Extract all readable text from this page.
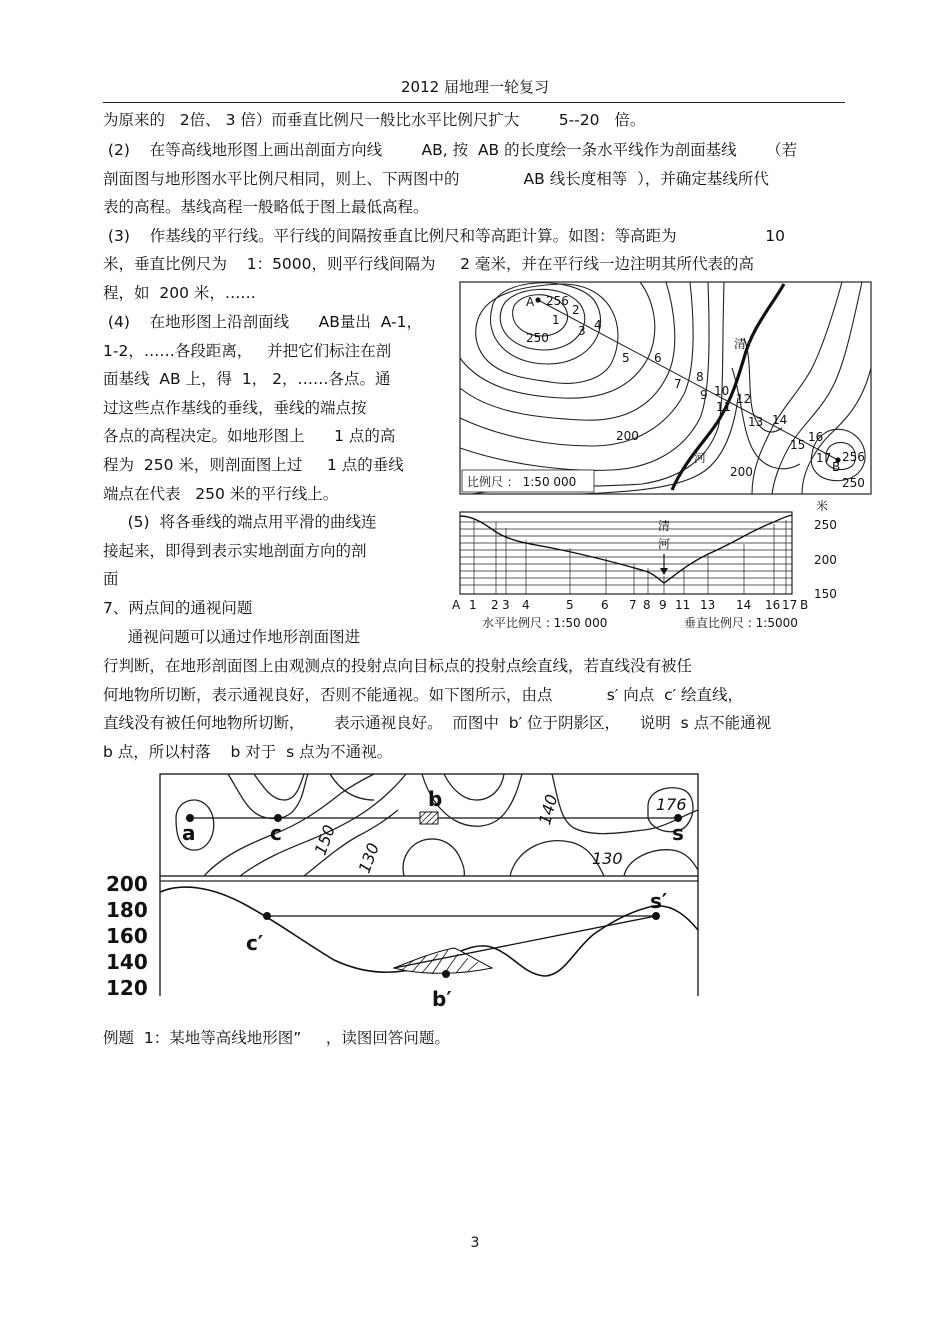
2012 届地理一轮复习
为原来的   2倍、 3 倍）而垂直比例尺一般比水平比例尺扩大        5--20   倍。
(2)    在等高线地形图上画出剖面方向线        AB, 按  AB 的长度绘一条水平线作为剖面基线      （若
剖面图与地形图水平比例尺相同，则上、下两图中的             AB 线长度相等  ），并确定基线所代
表的高程。基线高程一般略低于图上最低高程。
(3)    作基线的平行线。平行线的间隔按垂直比例尺和等高距计算。如图：等高距为                  10
米，垂直比例尺为    1：5000，则平行线间隔为     2 毫米，并在平行线一边注明其所代表的高
程，如  200 米，……
(4)    在地形图上沿剖面线      AB量出  A-1，
1-2，……各段距离，   并把它们标注在剖
面基线  AB 上，得  1， 2，……各点。通
过这些点作基线的垂线，垂线的端点按
各点的高程决定。如地形图上      1 点的高
程为  250 米，则剖面图上过     1 点的垂线
端点在代表   250 米的平行线上。
(5)  将各垂线的端点用平滑的曲线连
接起来，即得到表示实地剖面方向的剖
面
7、两点间的通视问题
通视问题可以通过作地形剖面图进
行判断，在地形剖面图上由观测点的投射点向目标点的投射点绘直线，若直线没有被任
何地物所切断，表示通视良好，否则不能通视。如下图所示，由点           s′ 向点  c′ 绘直线，
直线没有被任何地物所切断，      表示通视良好。  而图中  b′ 位于阴影区，    说明  s 点不能通视
b 点，所以村落    b 对于  s 点为不通视。
例题  1：某地等高线地形图”     ，读图回答问题。
A 256
B
256
250
200
200
250
清
河
1
2
3 4
5 6
7 8
9 10
11
12
13 14
15
16
17
比例尺 ： 1:50 000
清
河
米
250
200
150
A 1 2 3 4	5 6 7 8 9 11 13 14 16 17 B
水平比例尺 : 1:50 000	垂直比例尺 : 1:5000
a	c
b
s
150
130
140	176
130
200
180
160
140
120
c′
s′
b′
3
